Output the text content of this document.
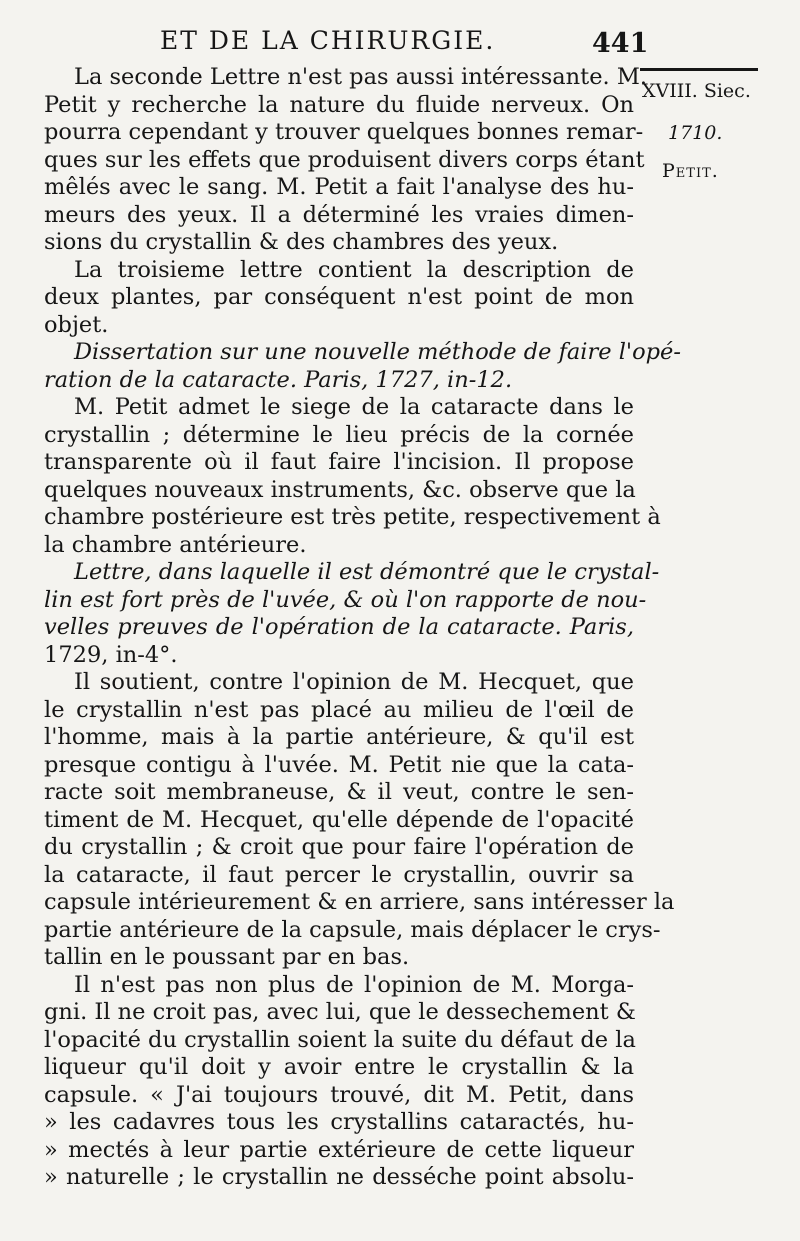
ET DE LA CHIRURGIE.	441
XVIII. Siec.
1710.
Petit.
La seconde Lettre n'est pas aussi intéressante. M.
Petit y recherche la nature du fluide nerveux. On
pourra cependant y trouver quelques bonnes remar-
ques sur les effets que produisent divers corps étant
mêlés avec le sang. M. Petit a fait l'analyse des hu-
meurs des yeux. Il a déterminé les vraies dimen-
sions du crystallin & des chambres des yeux.
La troisieme lettre contient la description de
deux plantes, par conséquent n'est point de mon
objet.
Dissertation sur une nouvelle méthode de faire l'opé-
ration de la cataracte. Paris, 1727, in-12.
M. Petit admet le siege de la cataracte dans le
crystallin ; détermine le lieu précis de la cornée
transparente où il faut faire l'incision. Il propose
quelques nouveaux instruments, &c. observe que la
chambre postérieure est très petite, respectivement à
la chambre antérieure.
Lettre, dans laquelle il est démontré que le crystal-
lin est fort près de l'uvée, & où l'on rapporte de nou-
velles preuves de l'opération de la cataracte. Paris,
1729, in-4°.
Il soutient, contre l'opinion de M. Hecquet, que
le crystallin n'est pas placé au milieu de l'œil de
l'homme, mais à la partie antérieure, & qu'il est
presque contigu à l'uvée. M. Petit nie que la cata-
racte soit membraneuse, & il veut, contre le sen-
timent de M. Hecquet, qu'elle dépende de l'opacité
du crystallin ; & croit que pour faire l'opération de
la cataracte, il faut percer le crystallin, ouvrir sa
capsule intérieurement & en arriere, sans intéresser la
partie antérieure de la capsule, mais déplacer le crys-
tallin en le poussant par en bas.
Il n'est pas non plus de l'opinion de M. Morga-
gni. Il ne croit pas, avec lui, que le dessechement &
l'opacité du crystallin soient la suite du défaut de la
liqueur qu'il doit y avoir entre le crystallin & la
capsule. « J'ai toujours trouvé, dit M. Petit, dans
» les cadavres tous les crystallins cataractés, hu-
» mectés à leur partie extérieure de cette liqueur
» naturelle ; le crystallin ne desséche point absolu-
